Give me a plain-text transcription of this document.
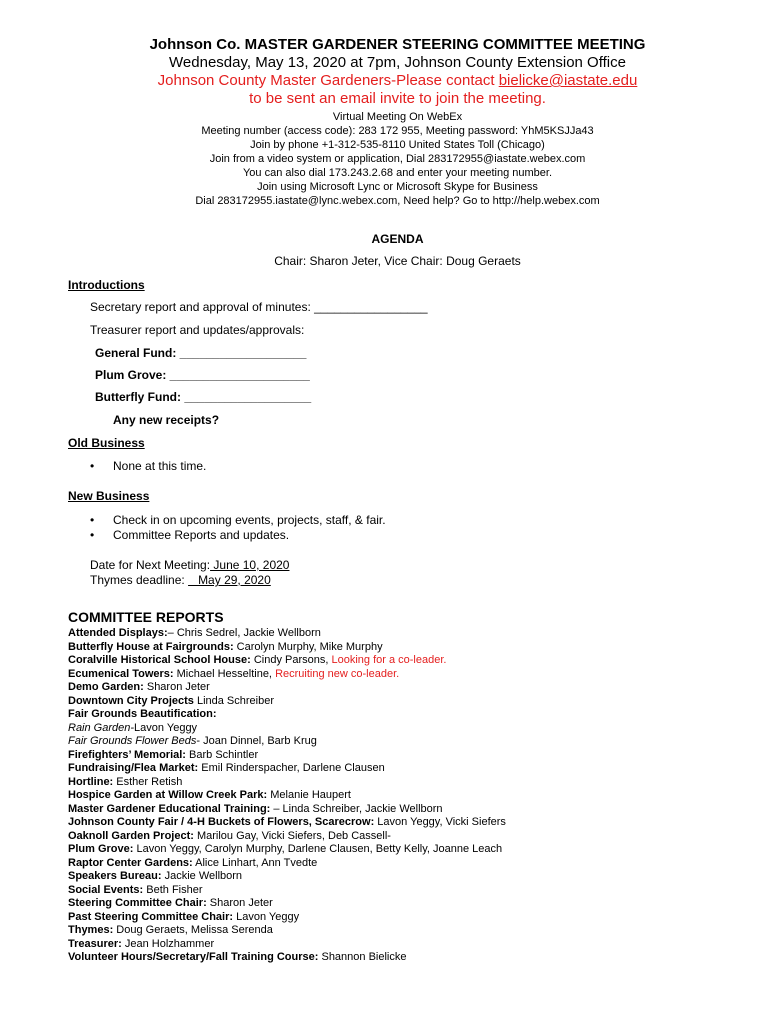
Johnson Co. MASTER GARDENER STEERING COMMITTEE MEETING
Wednesday, May 13, 2020 at 7pm, Johnson County Extension Office
Johnson County Master Gardeners-Please contact bielicke@iastate.edu
to be sent an email invite to join the meeting.
Virtual Meeting On WebEx
Meeting number (access code): 283 172 955, Meeting password: YhM5KSJJa43
Join by phone +1-312-535-8110 United States Toll (Chicago)
Join from a video system or application, Dial 283172955@iastate.webex.com
You can also dial 173.243.2.68 and enter your meeting number.
Join using Microsoft Lync or Microsoft Skype for Business
Dial 283172955.iastate@lync.webex.com, Need help? Go to http://help.webex.com
AGENDA
Chair: Sharon Jeter, Vice Chair: Doug Geraets
Introductions
Secretary report and approval of minutes: _________________
Treasurer report and updates/approvals:
General Fund: ___________________
Plum Grove: _____________________
Butterfly Fund: ___________________
Any new receipts?
Old Business
• None at this time.
New Business
• Check in on upcoming events, projects, staff, & fair.
• Committee Reports and updates.
Date for Next Meeting: June 10, 2020
Thymes deadline:    May 29, 2020
COMMITTEE REPORTS
Attended Displays:– Chris Sedrel, Jackie Wellborn
Butterfly House at Fairgrounds: Carolyn Murphy, Mike Murphy
Coralville Historical School House: Cindy Parsons, Looking for a co-leader.
Ecumenical Towers: Michael Hesseltine, Recruiting new co-leader.
Demo Garden: Sharon Jeter
Downtown City Projects Linda Schreiber
Fair Grounds Beautification:
Rain Garden-Lavon Yeggy
Fair Grounds Flower Beds- Joan Dinnel, Barb Krug
Firefighters’ Memorial: Barb Schintler
Fundraising/Flea Market: Emil Rinderspacher, Darlene Clausen
Hortline: Esther Retish
Hospice Garden at Willow Creek Park: Melanie Haupert
Master Gardener Educational Training: – Linda Schreiber, Jackie Wellborn
Johnson County Fair / 4-H Buckets of Flowers, Scarecrow: Lavon Yeggy, Vicki Siefers
Oaknoll Garden Project: Marilou Gay, Vicki Siefers, Deb Cassell-
Plum Grove: Lavon Yeggy, Carolyn Murphy, Darlene Clausen, Betty Kelly, Joanne Leach
Raptor Center Gardens: Alice Linhart, Ann Tvedte
Speakers Bureau: Jackie Wellborn
Social Events: Beth Fisher
Steering Committee Chair: Sharon Jeter
Past Steering Committee Chair: Lavon Yeggy
Thymes: Doug Geraets, Melissa Serenda
Treasurer: Jean Holzhammer
Volunteer Hours/Secretary/Fall Training Course: Shannon Bielicke
